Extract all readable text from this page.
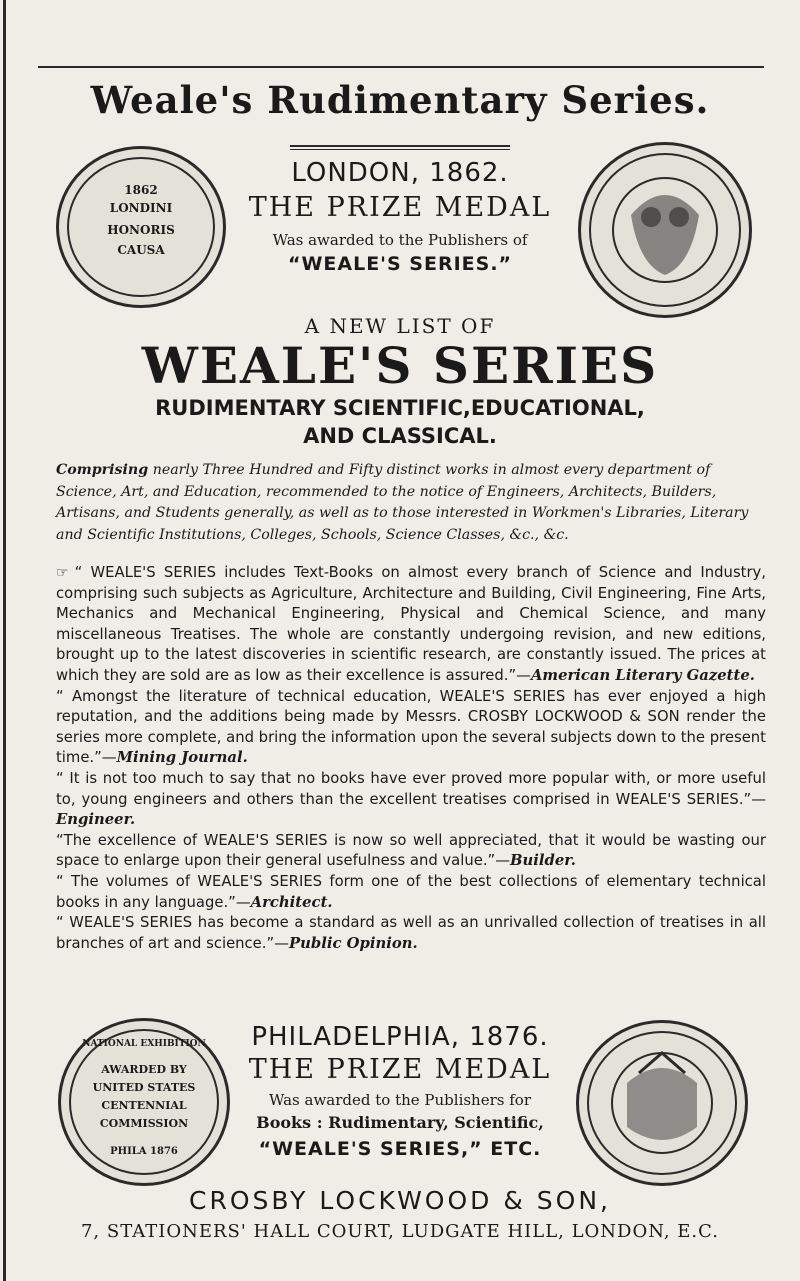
Weale's Rudimentary Series.
1862
LONDINI
HONORIS
CAUSA
LONDON, 1862.
THE PRIZE MEDAL
Was awarded to the Publishers of
“WEALE'S SERIES.”
A NEW LIST OF
WEALE'S SERIES
RUDIMENTARY SCIENTIFIC,EDUCATIONAL,
AND CLASSICAL.
Comprising nearly Three Hundred and Fifty distinct works in almost every department of Science, Art, and Education, recommended to the notice of Engineers, Architects, Builders, Artisans, and Students generally, as well as to those interested in Workmen's Libraries, Literary and Scientific Institutions, Colleges, Schools, Science Classes, &c., &c.

☞ “ WEALE'S SERIES includes Text-Books on almost every branch of Science and Industry, comprising such subjects as Agriculture, Architecture and Building, Civil Engineering, Fine Arts, Mechanics and Mechanical Engineering, Physical and Chemical Science, and many miscellaneous Treatises. The whole are constantly undergoing revision, and new editions, brought up to the latest discoveries in scientific research, are constantly issued. The prices at which they are sold are as low as their excellence is assured.”—American Literary Gazette.

“ Amongst the literature of technical education, WEALE'S SERIES has ever enjoyed a high reputation, and the additions being made by Messrs. CROSBY LOCKWOOD & SON render the series more complete, and bring the information upon the several subjects down to the present time.”—Mining Journal.

“ It is not too much to say that no books have ever proved more popular with, or more useful to, young engineers and others than the excellent treatises comprised in WEALE'S SERIES.”—Engineer.

“The excellence of WEALE'S SERIES is now so well appreciated, that it would be wasting our space to enlarge upon their general usefulness and value.”—Builder.

“ The volumes of WEALE'S SERIES form one of the best collections of elementary technical books in any language.”—Architect.

“ WEALE'S SERIES has become a standard as well as an unrivalled collection of treatises in all branches of art and science.”—Public Opinion.

NATIONAL EXHIBITION
AWARDED BY
UNITED STATES
CENTENNIAL
COMMISSION
PHILA 1876
PHILADELPHIA, 1876.
THE PRIZE MEDAL
Was awarded to the Publishers for
Books : Rudimentary, Scientific,
“WEALE'S SERIES,” ETC.
CROSBY LOCKWOOD & SON,
7, STATIONERS' HALL COURT, LUDGATE HILL, LONDON, E.C.
